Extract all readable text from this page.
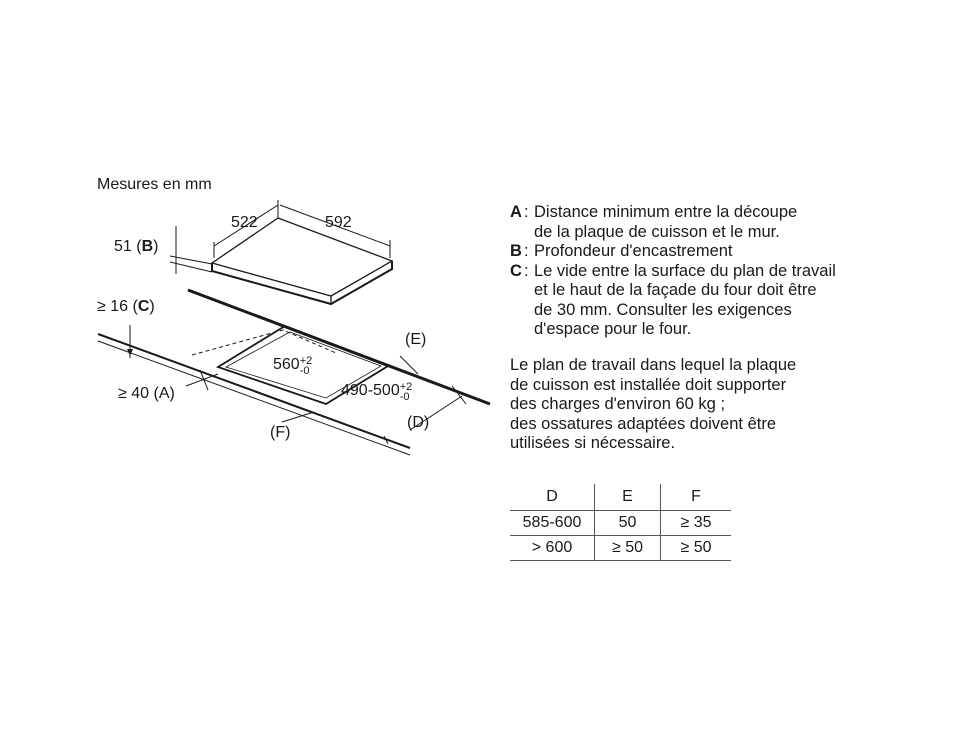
Mesures en mm
522	592
51 (B)
≥ 16 (C)
≥ 40 (A)
560+2
-0
490-500+2
-0
(E)
(D)
(F)
A : Distance minimum entre la découpe
de la plaque de cuisson et le mur.
B : Profondeur d'encastrement
C : Le vide entre la surface du plan de travail
et le haut de la façade du four doit être
de 30 mm. Consulter les exigences
d'espace pour le four.
Le plan de travail dans lequel la plaque
de cuisson est installée doit supporter
des charges d'environ 60 kg ;
des ossatures adaptées doivent être
utilisées si nécessaire.
D	E	F
585-600	50	≥ 35
> 600	≥ 50	≥ 50
